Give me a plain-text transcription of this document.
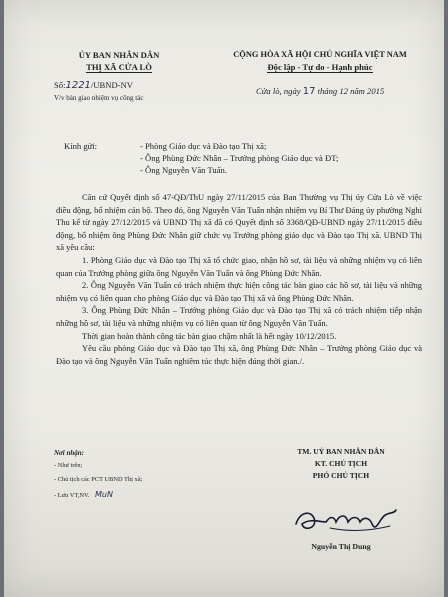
ỦY BAN NHÂN DÂN
THỊ XÃ CỬA LÒ
Số:1221/UBND-NV
V/v bàn giao nhiệm vụ công tác
CỘNG HÒA XÃ HỘI CHỦ NGHĨA VIỆT NAM
Độc lập - Tự do - Hạnh phúc
Cửa lò, ngày 17 tháng 12 năm 2015
Kính gửi:	- Phòng Giáo dục và Đào tạo Thị xã;
- Ông Phùng Đức Nhân – Trưởng phòng Giáo dục và ĐT;
- Ông Nguyễn Văn Tuấn.

Căn cứ Quyết định số 47-QĐ/ThU ngày 27/11/2015 của Ban Thường vụ Thị ủy Cửa Lò về việc điều động, bổ nhiệm cán bộ. Theo đó, ông Nguyễn Văn Tuấn nhận nhiệm vụ Bí Thư Đảng ủy phường Nghi Thu kể từ ngày 27/12/2015 và UBND Thị xã đã có Quyết định số 3368/QĐ-UBND ngày 27/11/2015 điều động, bổ nhiệm ông Phùng Đức Nhân giữ chức vụ Trưởng phòng giáo dục và Đào tạo Thị xã. UBND Thị xã yêu cầu:

1. Phòng Giáo dục và Đào tạo Thị xã tổ chức giao, nhận hồ sơ, tài liệu và những nhiệm vụ có liên quan của Trưởng phòng giữa ông Nguyễn Văn Tuấn và ông Phùng Đức Nhân.

2. Ông Nguyễn Văn Tuấn có trách nhiệm thực hiện công tác bàn giao các hồ sơ, tài liệu và những nhiệm vụ có liên quan cho phòng Giáo dục và Đào tạo Thị xã và ông Phùng Đức Nhân.

3. Ông Phùng Đức Nhân – Trưởng phòng Giáo dục và Đào tạo Thị xã có trách nhiệm tiếp nhận những hồ sơ, tài liệu và những nhiệm vụ có liên quan từ ông Nguyễn Văn Tuấn.

Thời gian hoàn thành công tác bàn giao chậm nhất là hết ngày 10/12/2015.

Yêu cầu phòng Giáo dục và Đào tạo Thị xã, ông Phùng Đức Nhân – Trưởng phòng Giáo dục và Đào tạo và ông Nguyễn Văn Tuấn nghiêm túc thực hiện đúng thời gian./.

Nơi nhận:
- Như trên;
- Chủ tịch các PCT UBND Thị xã;
- Lưu VT,NV. MuN
TM. UỶ BAN NHÂN DÂN
KT. CHỦ TỊCH
PHÓ CHỦ TỊCH
Nguyễn Thị Dung
